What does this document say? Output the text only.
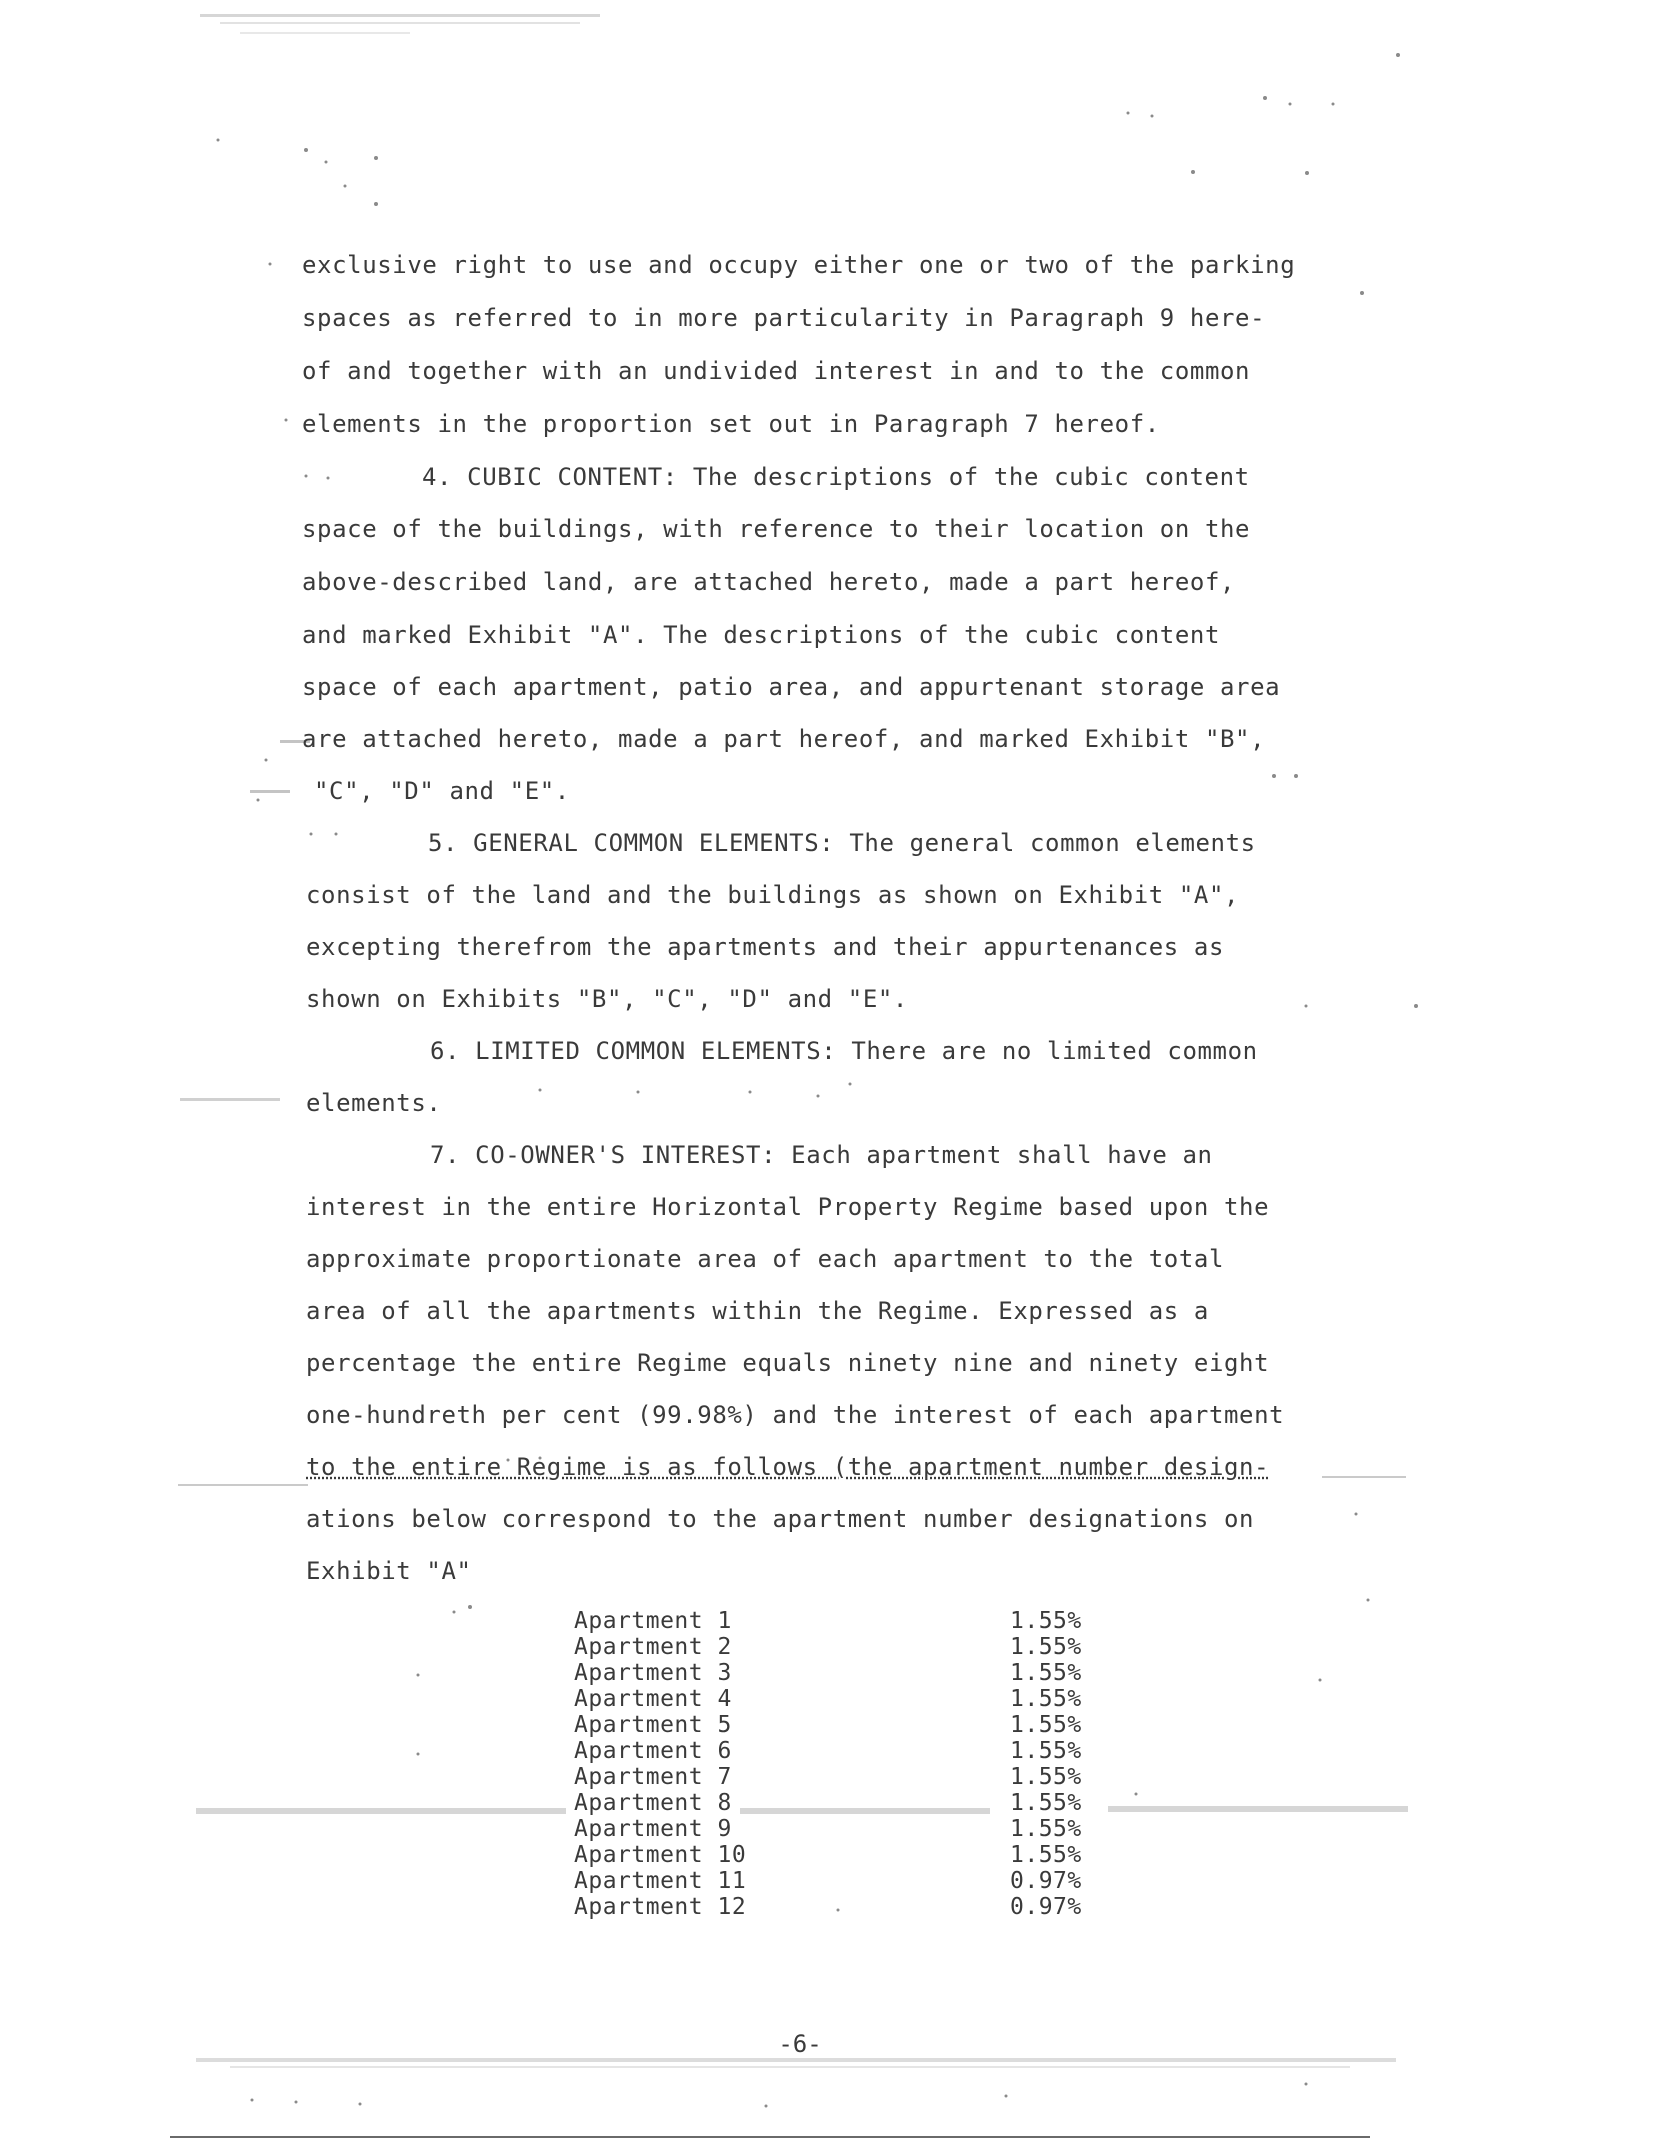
exclusive right to use and occupy either one or two of the parking
spaces as referred to in more particularity in Paragraph 9 here-
of and together with an undivided interest in and to the common
elements in the proportion set out in Paragraph 7 hereof.
4. CUBIC CONTENT: The descriptions of the cubic content
space of the buildings, with reference to their location on the
above-described land, are attached hereto, made a part hereof,
and marked Exhibit "A". The descriptions of the cubic content
space of each apartment, patio area, and appurtenant storage area
are attached hereto, made a part hereof, and marked Exhibit "B",
"C", "D" and "E".
5. GENERAL COMMON ELEMENTS: The general common elements
consist of the land and the buildings as shown on Exhibit "A",
excepting therefrom the apartments and their appurtenances as
shown on Exhibits "B", "C", "D" and "E".
6. LIMITED COMMON ELEMENTS: There are no limited common
elements.
7. CO-OWNER'S INTEREST: Each apartment shall have an
interest in the entire Horizontal Property Regime based upon the
approximate proportionate area of each apartment to the total
area of all the apartments within the Regime. Expressed as a
percentage the entire Regime equals ninety nine and ninety eight
one-hundreth per cent (99.98%) and the interest of each apartment
to the entire Regime is as follows (the apartment number design-
ations below correspond to the apartment number designations on
Exhibit "A"
Apartment 1	1.55%
Apartment 2	1.55%
Apartment 3	1.55%
Apartment 4	1.55%
Apartment 5	1.55%
Apartment 6	1.55%
Apartment 7	1.55%
Apartment 8	1.55%
Apartment 9	1.55%
Apartment 10	1.55%
Apartment 11	0.97%
Apartment 12	0.97%
-6-
